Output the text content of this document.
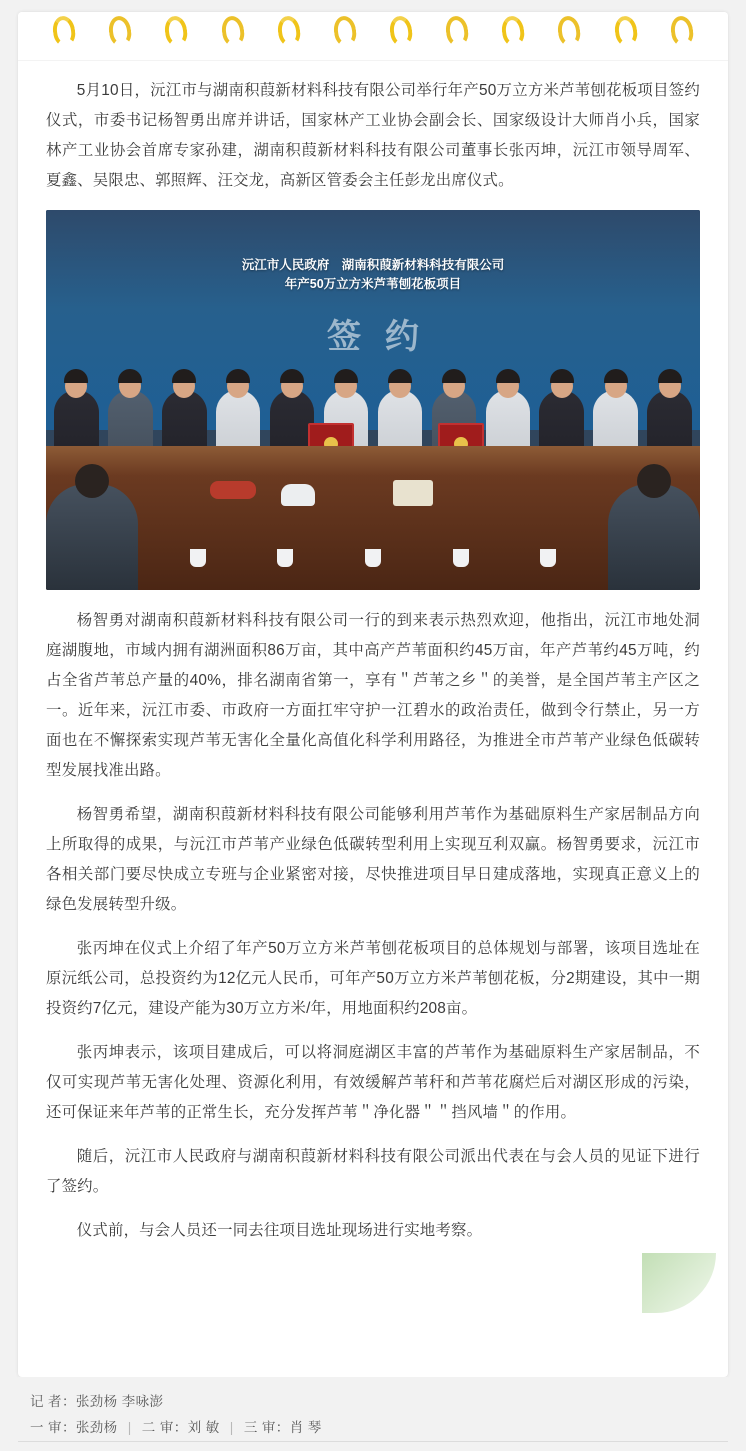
5月10日，沅江市与湖南积葭新材料科技有限公司举行年产50万立方米芦苇刨花板项目签约仪式，市委书记杨智勇出席并讲话，国家林产工业协会副会长、国家级设计大师肖小兵，国家林产工业协会首席专家孙建，湖南积葭新材料科技有限公司董事长张丙坤，沅江市领导周军、夏鑫、吴限忠、郭照辉、汪交龙，高新区管委会主任彭龙出席仪式。

沅江市人民政府　湖南积葭新材料科技有限公司
年产50万立方米芦苇刨花板项目
签约

杨智勇对湖南积葭新材料科技有限公司一行的到来表示热烈欢迎，他指出，沅江市地处洞庭湖腹地，市域内拥有湖洲面积86万亩，其中高产芦苇面积约45万亩，年产芦苇约45万吨，约占全省芦苇总产量的40%，排名湖南省第一，享有＂芦苇之乡＂的美誉，是全国芦苇主产区之一。近年来，沅江市委、市政府一方面扛牢守护一江碧水的政治责任，做到令行禁止，另一方面也在不懈探索实现芦苇无害化全量化高值化科学利用路径，为推进全市芦苇产业绿色低碳转型发展找准出路。

杨智勇希望，湖南积葭新材料科技有限公司能够利用芦苇作为基础原料生产家居制品方向上所取得的成果，与沅江市芦苇产业绿色低碳转型利用上实现互利双赢。杨智勇要求，沅江市各相关部门要尽快成立专班与企业紧密对接，尽快推进项目早日建成落地，实现真正意义上的绿色发展转型升级。

张丙坤在仪式上介绍了年产50万立方米芦苇刨花板项目的总体规划与部署，该项目选址在原沅纸公司，总投资约为12亿元人民币，可年产50万立方米芦苇刨花板，分2期建设，其中一期投资约7亿元，建设产能为30万立方米/年，用地面积约208亩。

张丙坤表示，该项目建成后，可以将洞庭湖区丰富的芦苇作为基础原料生产家居制品，不仅可实现芦苇无害化处理、资源化利用，有效缓解芦苇秆和芦苇花腐烂后对湖区形成的污染，还可保证来年芦苇的正常生长，充分发挥芦苇＂净化器＂＂挡风墙＂的作用。

随后，沅江市人民政府与湖南积葭新材料科技有限公司派出代表在与会人员的见证下进行了签约。

仪式前，与会人员还一同去往项目选址现场进行实地考察。

记 者：张劲杨 李咏澎
一 审：张劲杨 | 二 审：刘 敏 | 三 审：肖 琴
